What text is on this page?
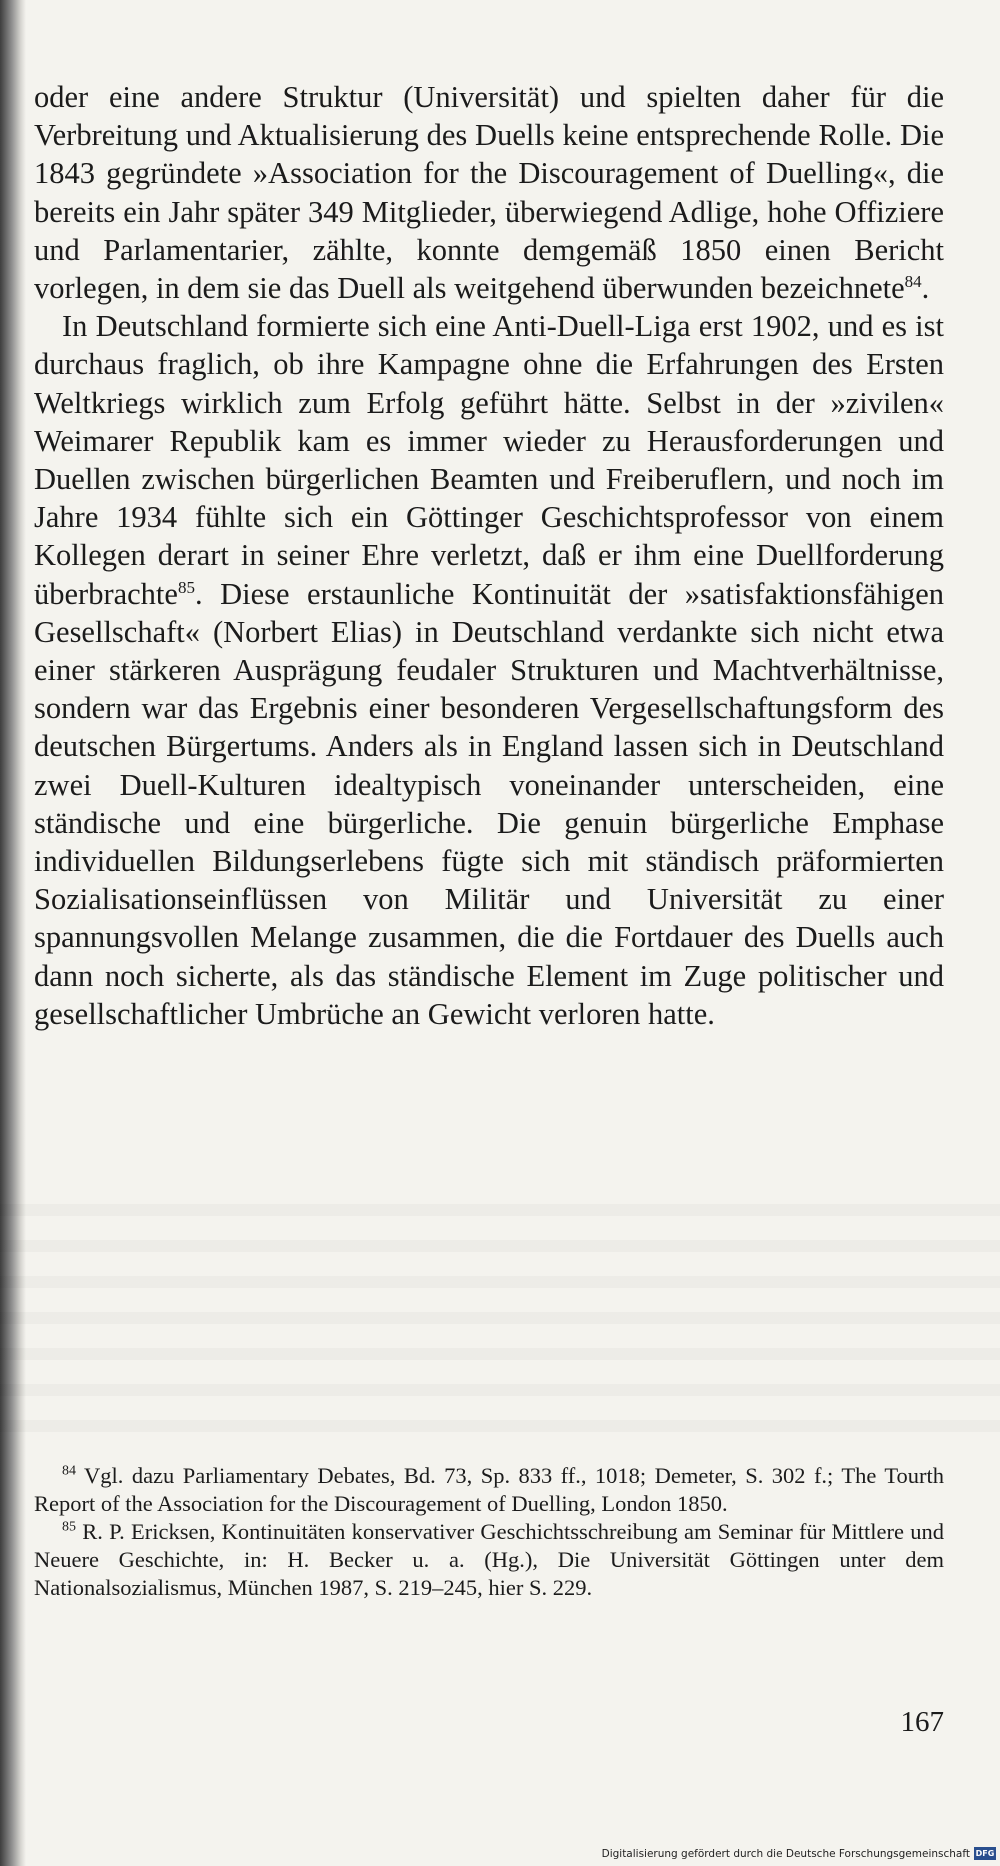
oder eine andere Struktur (Universität) und spielten daher für die Verbreitung und Aktualisierung des Duells keine entsprechende Rolle. Die 1843 gegründete »Association for the Discouragement of Duelling«, die bereits ein Jahr später 349 Mitglieder, überwiegend Adlige, hohe Offiziere und Parlamentarier, zählte, konnte demgemäß 1850 einen Bericht vorlegen, in dem sie das Duell als weitgehend überwunden bezeichnete$^{84}$.

In Deutschland formierte sich eine Anti-Duell-Liga erst 1902, und es ist durchaus fraglich, ob ihre Kampagne ohne die Erfahrungen des Ersten Weltkriegs wirklich zum Erfolg geführt hätte. Selbst in der »zivilen« Weimarer Republik kam es immer wieder zu Herausforderungen und Duellen zwischen bürgerlichen Beamten und Freiberuflern, und noch im Jahre 1934 fühlte sich ein Göttinger Geschichtsprofessor von einem Kollegen derart in seiner Ehre verletzt, daß er ihm eine Duellforderung überbrachte$^{85}$. Diese erstaunliche Kontinuität der »satisfaktionsfähigen Gesellschaft« (Norbert Elias) in Deutschland verdankte sich nicht etwa einer stärkeren Ausprägung feudaler Strukturen und Machtverhältnisse, sondern war das Ergebnis einer besonderen Vergesellschaftungsform des deutschen Bürgertums. Anders als in England lassen sich in Deutschland zwei Duell-Kulturen idealtypisch voneinander unterscheiden, eine ständische und eine bürgerliche. Die genuin bürgerliche Emphase individuellen Bildungserlebens fügte sich mit ständisch präformierten Sozialisationseinflüssen von Militär und Universität zu einer spannungsvollen Melange zusammen, die die Fortdauer des Duells auch dann noch sicherte, als das ständische Element im Zuge politischer und gesellschaftlicher Umbrüche an Gewicht verloren hatte.

$^{84}$ Vgl. dazu Parliamentary Debates, Bd. 73, Sp. 833 ff., 1018; Demeter, S. 302 f.; The Tourth Report of the Association for the Discouragement of Duelling, London 1850.

$^{85}$ R. P. Ericksen, Kontinuitäten konservativer Geschichtsschreibung am Seminar für Mittlere und Neuere Geschichte, in: H. Becker u. a. (Hg.), Die Universität Göttingen unter dem Nationalsozialismus, München 1987, S. 219–245, hier S. 229.

167
Digitalisierung gefördert durch die Deutsche Forschungsgemeinschaft DFG
